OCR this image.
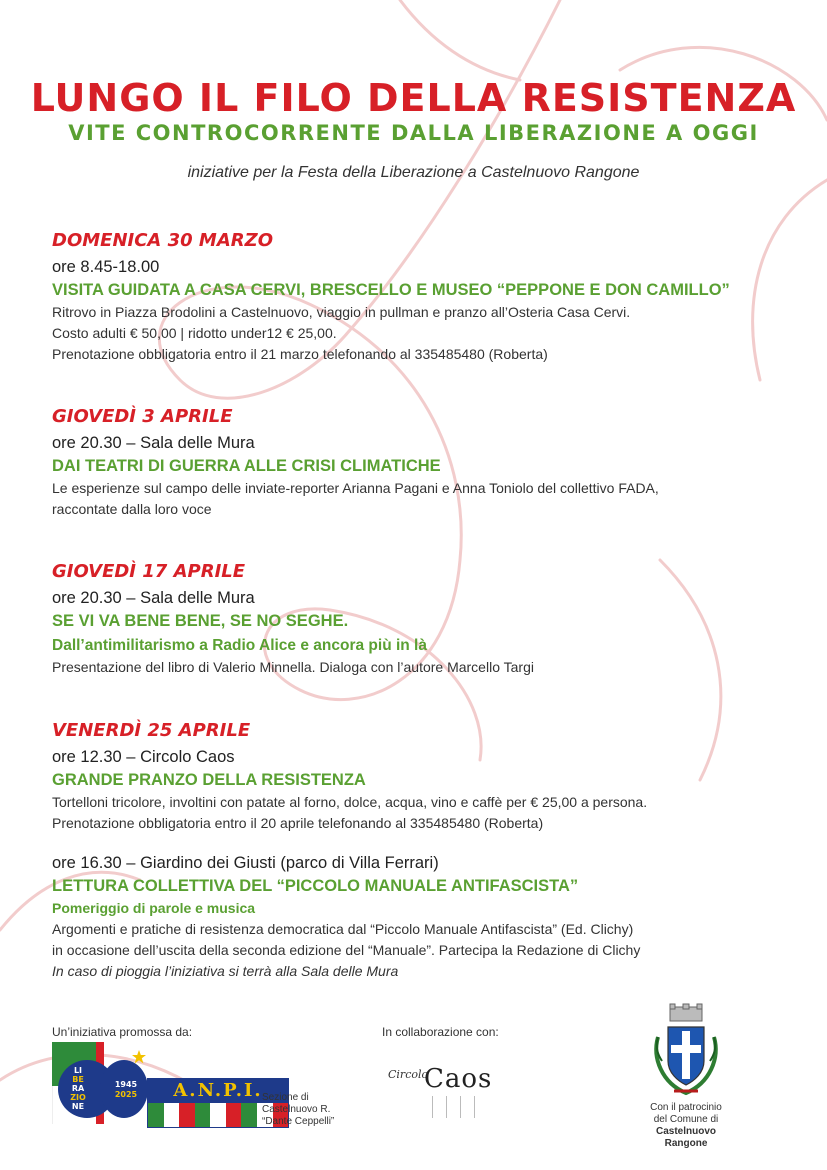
LUNGO IL FILO DELLA RESISTENZA
VITE CONTROCORRENTE DALLA LIBERAZIONE A OGGI
iniziative per la Festa della Liberazione a Castelnuovo Rangone
DOMENICA 30 MARZO
ore 8.45-18.00
VISITA GUIDATA A CASA CERVI, BRESCELLO E MUSEO “PEPPONE E DON CAMILLO”
Ritrovo in Piazza Brodolini a Castelnuovo, viaggio in pullman e pranzo all’Osteria Casa Cervi.
Costo adulti € 50,00 | ridotto under12 € 25,00.
Prenotazione obbligatoria entro il 21 marzo telefonando al 335485480 (Roberta)
GIOVEDÌ 3 APRILE
ore 20.30 – Sala delle Mura
DAI TEATRI DI GUERRA ALLE CRISI CLIMATICHE
Le esperienze sul campo delle inviate-reporter Arianna Pagani e Anna Toniolo del collettivo FADA,
raccontate dalla loro voce
GIOVEDÌ 17 APRILE
ore 20.30 – Sala delle Mura
SE VI VA BENE BENE, SE NO SEGHE.
Dall’antimilitarismo a Radio Alice e ancora più in là
Presentazione del libro di Valerio Minnella. Dialoga con l’autore Marcello Targi
VENERDÌ 25 APRILE
ore 12.30 – Circolo Caos
GRANDE PRANZO DELLA RESISTENZA
Tortelloni tricolore, involtini con patate al forno, dolce, acqua, vino e caffè per € 25,00 a persona.
Prenotazione obbligatoria entro il 20 aprile telefonando al 335485480 (Roberta)
ore 16.30 – Giardino dei Giusti (parco di Villa Ferrari)
LETTURA COLLETTIVA DEL “PICCOLO MANUALE ANTIFASCISTA”
Pomeriggio di parole e musica
Argomenti e pratiche di resistenza democratica dal “Piccolo Manuale Antifascista” (Ed. Clichy)
in occasione dell’uscita della seconda edizione del “Manuale”. Partecipa la Redazione di Clichy
In caso di pioggia l’iniziativa si terrà alla Sala delle Mura
Un’iniziativa promossa da:	In collaborazione con:
LI
BE
RA
ZIO
NE
1945
2025	A.N.P.I. Sezione di
Castelnuovo R.
“Dante Ceppelli”
Circolo
Caos
Con il patrocinio
del Comune di
Castelnuovo
Rangone
